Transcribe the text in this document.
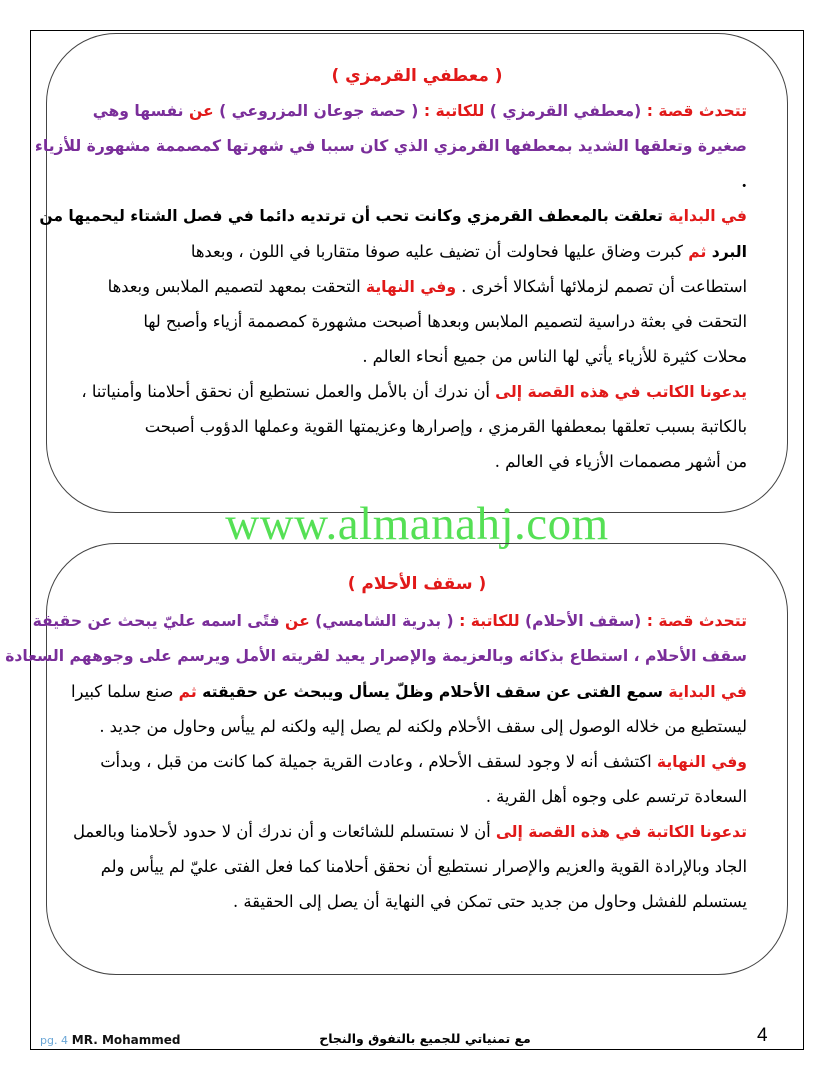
( معطفي القرمزي )
تتحدث قصة : (معطفي القرمزي ) للكاتبة : ( حصة جوعان المزروعي ) عن نفسها وهي
صغيرة وتعلقها الشديد بمعطفها القرمزي الذي كان سببا في شهرتها كمصممة مشهورة للأزياء
.
في البداية تعلقت بالمعطف القرمزي وكانت تحب أن ترتديه دائما في فصل الشتاء ليحميها من
البرد ثم كبرت وضاق عليها فحاولت أن تضيف عليه صوفا متقاربا في اللون ، وبعدها
استطاعت أن تصمم لزملائها أشكالا أخرى . وفي النهاية التحقت بمعهد لتصميم الملابس وبعدها
التحقت في بعثة دراسية لتصميم الملابس وبعدها أصبحت مشهورة كمصممة أزياء وأصبح لها
محلات كثيرة للأزياء يأتي لها الناس من جميع أنحاء العالم .
يدعونا الكاتب في هذه القصة إلى أن ندرك أن بالأمل والعمل نستطيع أن نحقق أحلامنا وأمنياتنا ،
بالكاتبة بسبب تعلقها بمعطفها القرمزي ، وإصرارها وعزيمتها القوية وعملها الدؤوب أصبحت
من أشهر مصممات الأزياء في العالم .
www.almanahj.com
( سقف الأحلام )
تتحدث قصة : (سقف الأحلام) للكاتبة : ( بدرية الشامسي) عن فتًى اسمه عليّ يبحث عن حقيقة
سقف الأحلام ، استطاع بذكائه وبالعزيمة والإصرار يعيد لقريته الأمل ويرسم على وجوههم السعادة
في البداية سمع الفتى عن سقف الأحلام وظلّ يسأل ويبحث عن حقيقته ثم صنع سلما كبيرا
ليستطيع من خلاله الوصول إلى سقف الأحلام ولكنه لم يصل إليه ولكنه لم ييأس وحاول من جديد .
وفي النهاية اكتشف أنه لا وجود لسقف الأحلام ، وعادت القرية جميلة كما كانت من قبل ، وبدأت
السعادة ترتسم على وجوه أهل القرية .
تدعونا الكاتبة في هذه القصة إلى أن لا نستسلم للشائعات و أن ندرك أن لا حدود لأحلامنا وبالعمل
الجاد وبالإرادة القوية والعزيم والإصرار نستطيع أن نحقق أحلامنا كما فعل الفتى عليّ لم ييأس ولم
يستسلم للفشل وحاول من جديد حتى تمكن في النهاية أن يصل إلى الحقيقة .
pg. 4 MR. Mohammed	مع تمنياتي للجميع بالتفوق والنجاح	4
